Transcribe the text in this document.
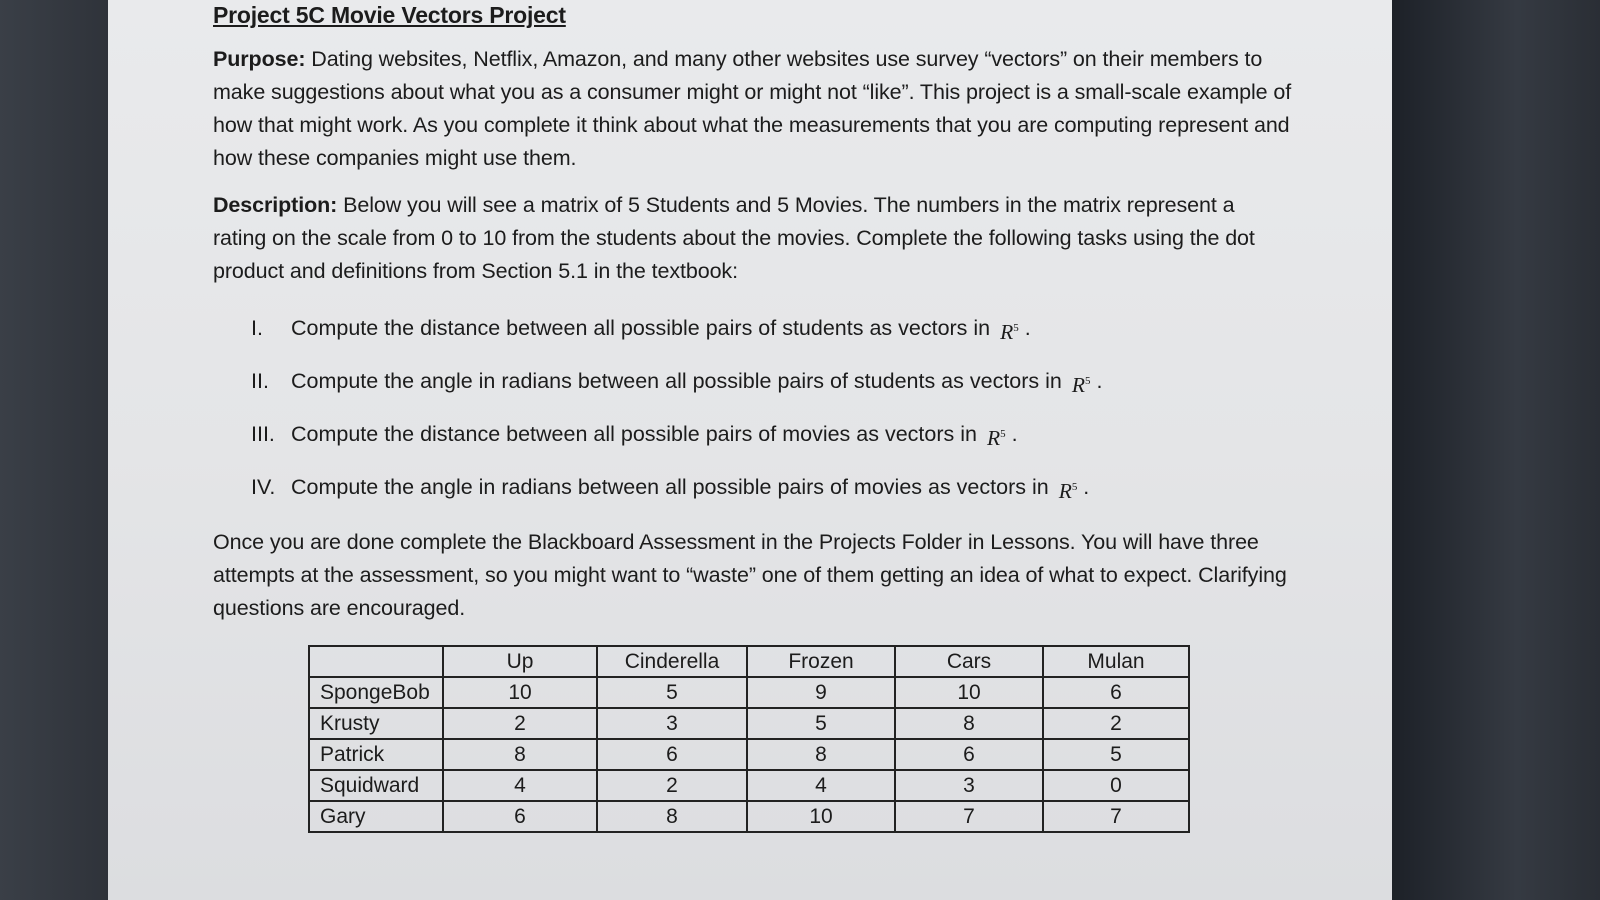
Project 5C Movie Vectors Project

Purpose: Dating websites, Netflix, Amazon, and many other websites use survey “vectors” on their members to make suggestions about what you as a consumer might or might not “like”. This project is a small-scale example of how that might work. As you complete it think about what the measurements that you are computing represent and how these companies might use them.

Description: Below you will see a matrix of 5 Students and 5 Movies. The numbers in the matrix represent a rating on the scale from 0 to 10 from the students about the movies. Complete the following tasks using the dot product and definitions from Section 5.1 in the textbook:

I.	Compute the distance between all possible pairs of students as vectors in $R^5$ .
II.	Compute the angle in radians between all possible pairs of students as vectors in $R^5$ .
III. Compute the distance between all possible pairs of movies as vectors in $R^5$ .
IV. Compute the angle in radians between all possible pairs of movies as vectors in $R^5$ .

Once you are done complete the Blackboard Assessment in the Projects Folder in Lessons. You will have three attempts at the assessment, so you might want to “waste” one of them getting an idea of what to expect. Clarifying questions are encouraged.

	Up	Cinderella	Frozen	Cars	Mulan
SpongeBob	10	5	9	10	6
Krusty	2	3	5	8	2
Patrick	8	6	8	6	5
Squidward	4	2	4	3	0
Gary	6	8	10	7	7
